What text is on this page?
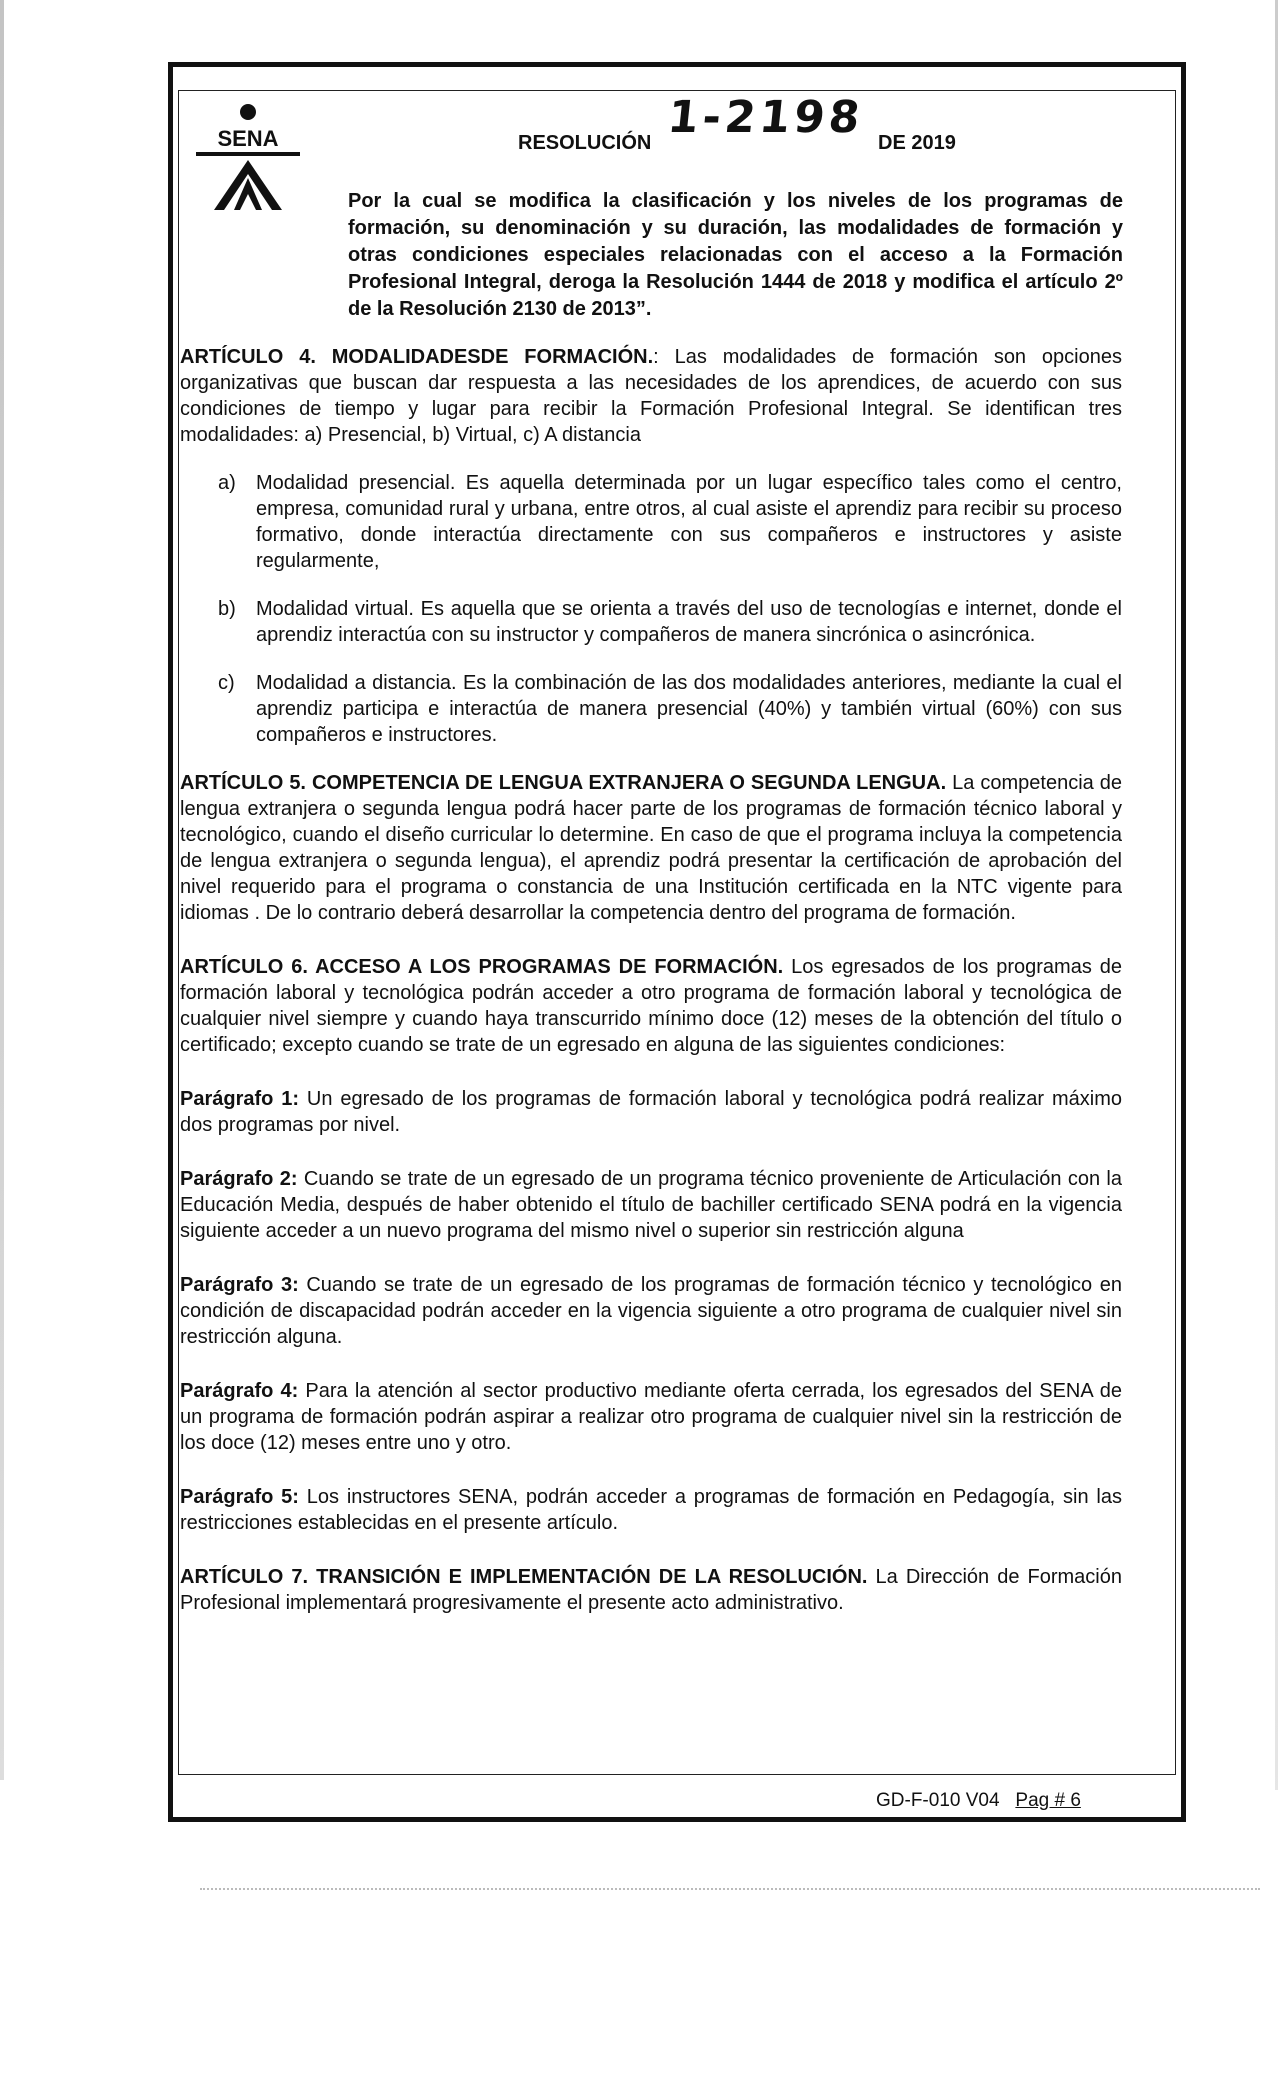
SENA	1-2198
RESOLUCIÓN	DE 2019
Por la cual se modifica la clasificación y los niveles de los programas de formación, su denominación y su duración, las modalidades de formación y otras condiciones especiales relacionadas con el acceso a la Formación Profesional Integral, deroga la Resolución 1444 de 2018 y modifica el artículo 2º de la Resolución 2130 de 2013”.

ARTÍCULO 4. MODALIDADESDE FORMACIÓN.: Las modalidades de formación son opciones organizativas que buscan dar respuesta a las necesidades de los aprendices, de acuerdo con sus condiciones de tiempo y lugar para recibir la Formación Profesional Integral. Se identifican tres modalidades: a) Presencial, b) Virtual, c) A distancia

a) Modalidad presencial. Es aquella determinada por un lugar específico tales como el centro, empresa, comunidad rural y urbana, entre otros, al cual asiste el aprendiz para recibir su proceso formativo, donde interactúa directamente con sus compañeros e instructores y asiste regularmente,
b) Modalidad virtual. Es aquella que se orienta a través del uso de tecnologías e internet, donde el aprendiz interactúa con su instructor y compañeros de manera sincrónica o asincrónica.
c) Modalidad a distancia. Es la combinación de las dos modalidades anteriores, mediante la cual el aprendiz participa e interactúa de manera presencial (40%) y también virtual (60%) con sus compañeros e instructores.

ARTÍCULO 5. COMPETENCIA DE LENGUA EXTRANJERA O SEGUNDA LENGUA. La competencia de lengua extranjera o segunda lengua podrá hacer parte de los programas de formación técnico laboral y tecnológico, cuando el diseño curricular lo determine. En caso de que el programa incluya la competencia de lengua extranjera o segunda lengua), el aprendiz podrá presentar la certificación de aprobación del nivel requerido para el programa o constancia de una Institución certificada en la NTC vigente para idiomas . De lo contrario deberá desarrollar la competencia dentro del programa de formación.

ARTÍCULO 6. ACCESO A LOS PROGRAMAS DE FORMACIÓN. Los egresados de los programas de formación laboral y tecnológica podrán acceder a otro programa de formación laboral y tecnológica de cualquier nivel siempre y cuando haya transcurrido mínimo doce (12) meses de la obtención del título o certificado; excepto cuando se trate de un egresado en alguna de las siguientes condiciones:

Parágrafo 1: Un egresado de los programas de formación laboral y tecnológica podrá realizar máximo dos programas por nivel.

Parágrafo 2: Cuando se trate de un egresado de un programa técnico proveniente de Articulación con la Educación Media, después de haber obtenido el título de bachiller certificado SENA podrá en la vigencia siguiente acceder a un nuevo programa del mismo nivel o superior sin restricción alguna

Parágrafo 3: Cuando se trate de un egresado de los programas de formación técnico y tecnológico en condición de discapacidad podrán acceder en la vigencia siguiente a otro programa de cualquier nivel sin restricción alguna.

Parágrafo 4: Para la atención al sector productivo mediante oferta cerrada, los egresados del SENA de un programa de formación podrán aspirar a realizar otro programa de cualquier nivel sin la restricción de los doce (12) meses entre uno y otro.

Parágrafo 5: Los instructores SENA, podrán acceder a programas de formación en Pedagogía, sin las restricciones establecidas en el presente artículo.

ARTÍCULO 7. TRANSICIÓN E IMPLEMENTACIÓN DE LA RESOLUCIÓN. La Dirección de Formación Profesional implementará progresivamente el presente acto administrativo.

GD-F-010 V04 Pag # 6
